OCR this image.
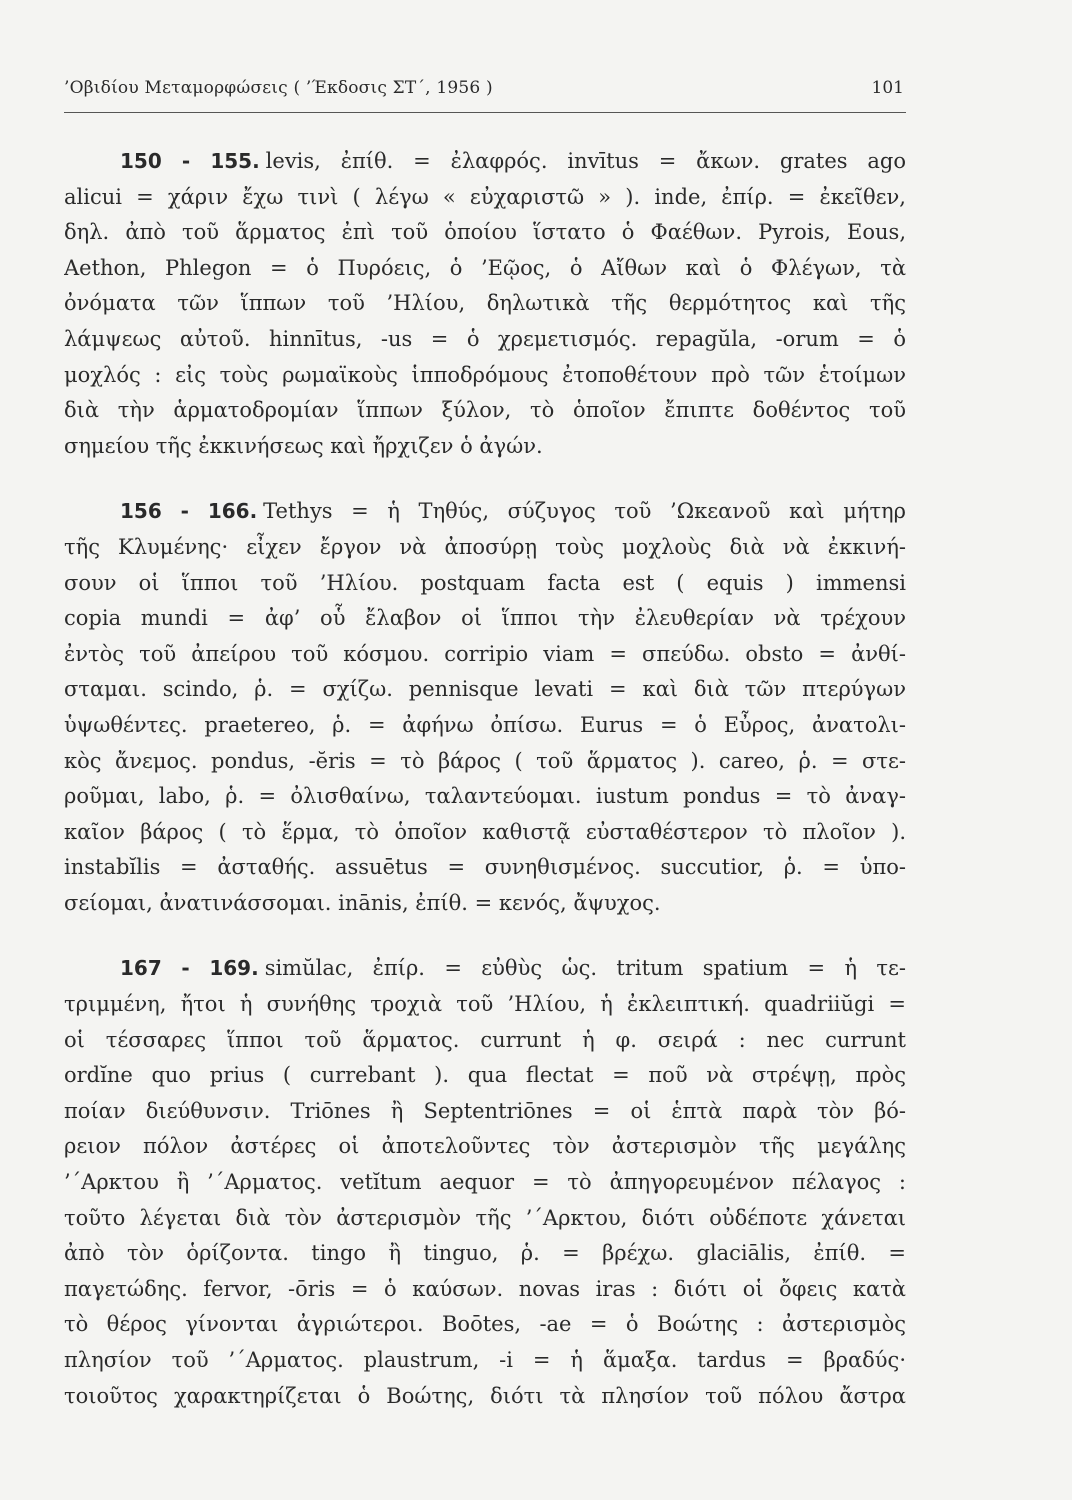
’Οβιδίου Μεταμορφώσεις ( ’Έκδοσις ΣΤ΄, 1956 )	101
150 - 155. levis, ἐπίθ. = ἐλαφρός. invītus = ἄκων. grates ago
alicui = χάριν ἔχω τινὶ ( λέγω « εὐχαριστῶ » ). inde, ἐπίρ. = ἐκεῖθεν,
δηλ. ἀπὸ τοῦ ἅρματος ἐπὶ τοῦ ὁποίου ἵστατο ὁ Φαέθων. Pyrois, Eous,
Aethon, Phlegon = ὁ Πυρόεις, ὁ ’Εῷος, ὁ Αἴθων καὶ ὁ Φλέγων, τὰ
ὀνόματα τῶν ἵππων τοῦ ’Ηλίου, δηλωτικὰ τῆς θερμότητος καὶ τῆς
λάμψεως αὐτοῦ. hinnītus, -us = ὁ χρεμετισμός. repagŭla, -orum = ὁ
μοχλός : εἰς τοὺς ρωμαϊκοὺς ἱπποδρόμους ἐτοποθέτουν πρὸ τῶν ἑτοίμων
διὰ τὴν ἁρματοδρομίαν ἵππων ξύλον, τὸ ὁποῖον ἔπιπτε δοθέντος τοῦ
σημείου τῆς ἐκκινήσεως καὶ ἤρχιζεν ὁ ἀγών.
156 - 166. Tethys = ἡ Τηθύς, σύζυγος τοῦ ’Ωκεανοῦ καὶ μήτηρ
τῆς Κλυμένης· εἶχεν ἔργον νὰ ἀποσύρῃ τοὺς μοχλοὺς διὰ νὰ ἐκκινή-
σουν οἱ ἵπποι τοῦ ’Ηλίου. postquam facta est ( equis ) immensi
copia mundi = ἀφ’ οὗ ἔλαβον οἱ ἵπποι τὴν ἐλευθερίαν νὰ τρέχουν
ἐντὸς τοῦ ἀπείρου τοῦ κόσμου. corripio viam = σπεύδω. obsto = ἀνθί-
σταμαι. scindo, ῥ. = σχίζω. pennisque levati = καὶ διὰ τῶν πτερύγων
ὑψωθέντες. praetereo, ῥ. = ἀφήνω ὀπίσω. Eurus = ὁ Εὖρος, ἀνατολι-
κὸς ἄνεμος. pondus, -ĕris = τὸ βάρος ( τοῦ ἅρματος ). careo, ῥ. = στε-
ροῦμαι, labo, ῥ. = ὀλισθαίνω, ταλαντεύομαι. iustum pondus = τὸ ἀναγ-
καῖον βάρος ( τὸ ἕρμα, τὸ ὁποῖον καθιστᾷ εὐσταθέστερον τὸ πλοῖον ).
instabĭlis = ἀσταθής. assuētus = συνηθισμένος. succutior, ῥ. = ὑπο-
σείομαι, ἀνατινάσσομαι. inānis, ἐπίθ. = κενός, ἄψυχος.
167 - 169. simŭlac, ἐπίρ. = εὐθὺς ὡς. tritum spatium = ἡ τε-
τριμμένη, ἤτοι ἡ συνήθης τροχιὰ τοῦ ’Ηλίου, ἡ ἐκλειπτική. quadriiŭgi =
οἱ τέσσαρες ἵπποι τοῦ ἅρματος. currunt ἡ φ. σειρά : nec currunt
ordĭne quo prius ( currebant ). qua flectat = ποῦ νὰ στρέψῃ, πρὸς
ποίαν διεύθυνσιν. Triōnes ἢ Septentriōnes = οἱ ἑπτὰ παρὰ τὸν βό-
ρειον πόλον ἀστέρες οἱ ἀποτελοῦντες τὸν ἀστερισμὸν τῆς μεγάλης
’΄Αρκτου ἢ ’΄Αρματος. vetĭtum aequor = τὸ ἀπηγορευμένον πέλαγος :
τοῦτο λέγεται διὰ τὸν ἀστερισμὸν τῆς ’΄Αρκτου, διότι οὐδέποτε χάνεται
ἀπὸ τὸν ὁρίζοντα. tingo ἢ tinguo, ῥ. = βρέχω. glaciālis, ἐπίθ. =
παγετώδης. fervor, -ōris = ὁ καύσων. novas iras : διότι οἱ ὄφεις κατὰ
τὸ θέρος γίνονται ἀγριώτεροι. Boōtes, -ae = ὁ Βοώτης : ἀστερισμὸς
πλησίον τοῦ ’΄Αρματος. plaustrum, -i = ἡ ἅμαξα. tardus = βραδύς·
τοιοῦτος χαρακτηρίζεται ὁ Βοώτης, διότι τὰ πλησίον τοῦ πόλου ἄστρα
